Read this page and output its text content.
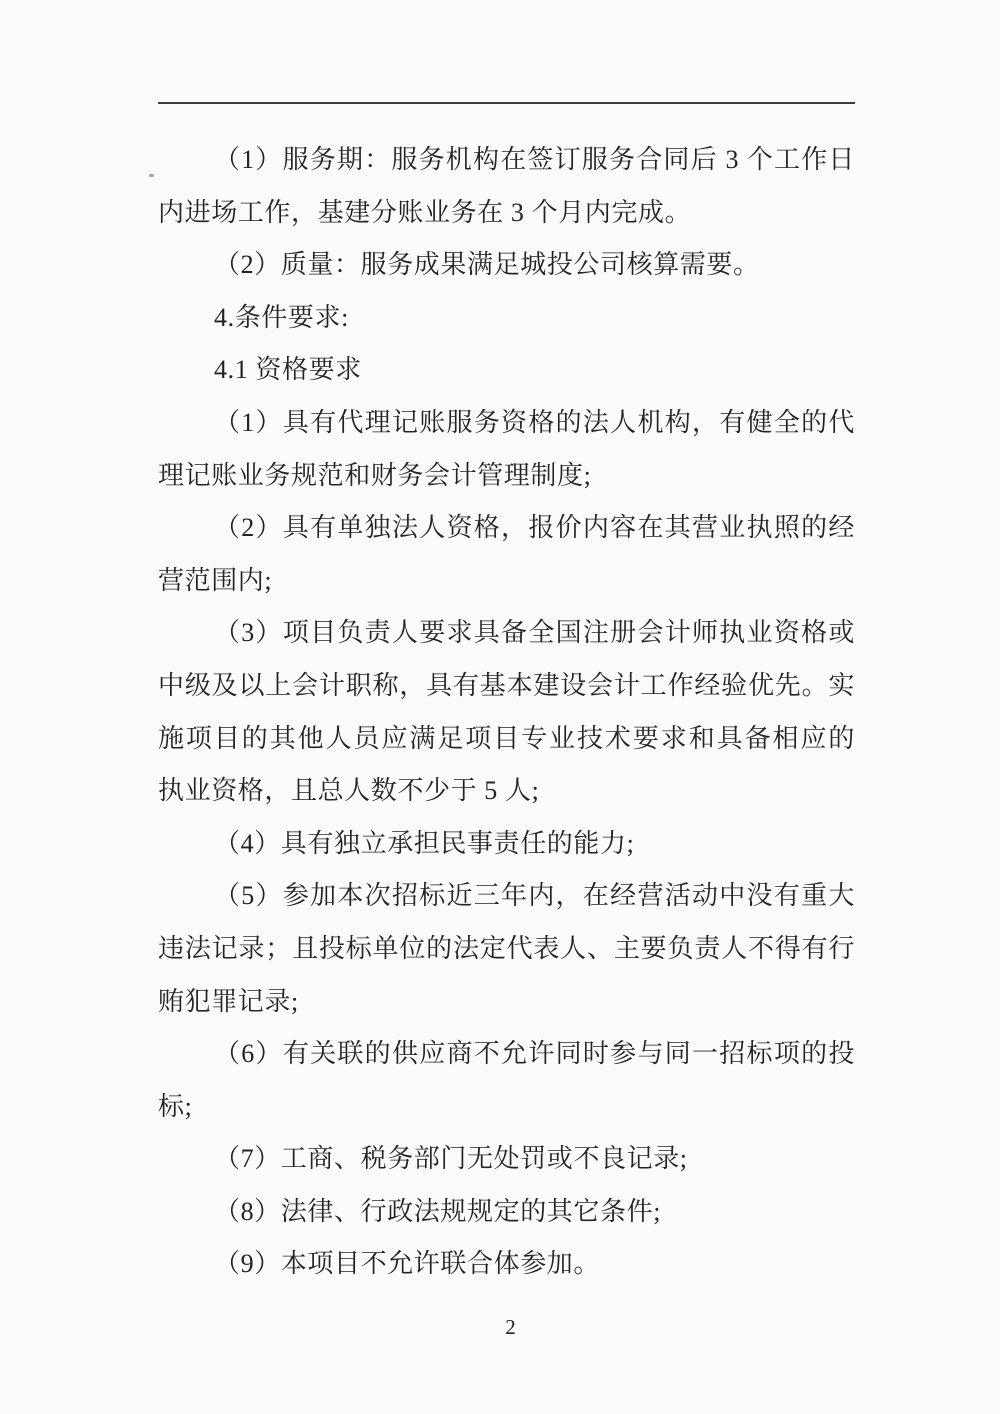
（1）服务期：服务机构在签订服务合同后 3 个工作日
内进场工作，基建分账业务在 3 个月内完成。
（2）质量：服务成果满足城投公司核算需要。
4.条件要求:
4.1 资格要求
（1）具有代理记账服务资格的法人机构，有健全的代
理记账业务规范和财务会计管理制度;
（2）具有单独法人资格，报价内容在其营业执照的经
营范围内;
（3）项目负责人要求具备全国注册会计师执业资格或
中级及以上会计职称，具有基本建设会计工作经验优先。实
施项目的其他人员应满足项目专业技术要求和具备相应的
执业资格，且总人数不少于 5 人;
（4）具有独立承担民事责任的能力;
（5）参加本次招标近三年内，在经营活动中没有重大
违法记录；且投标单位的法定代表人、主要负责人不得有行
贿犯罪记录;
（6）有关联的供应商不允许同时参与同一招标项的投
标;
（7）工商、税务部门无处罚或不良记录;
（8）法律、行政法规规定的其它条件;
（9）本项目不允许联合体参加。
2
